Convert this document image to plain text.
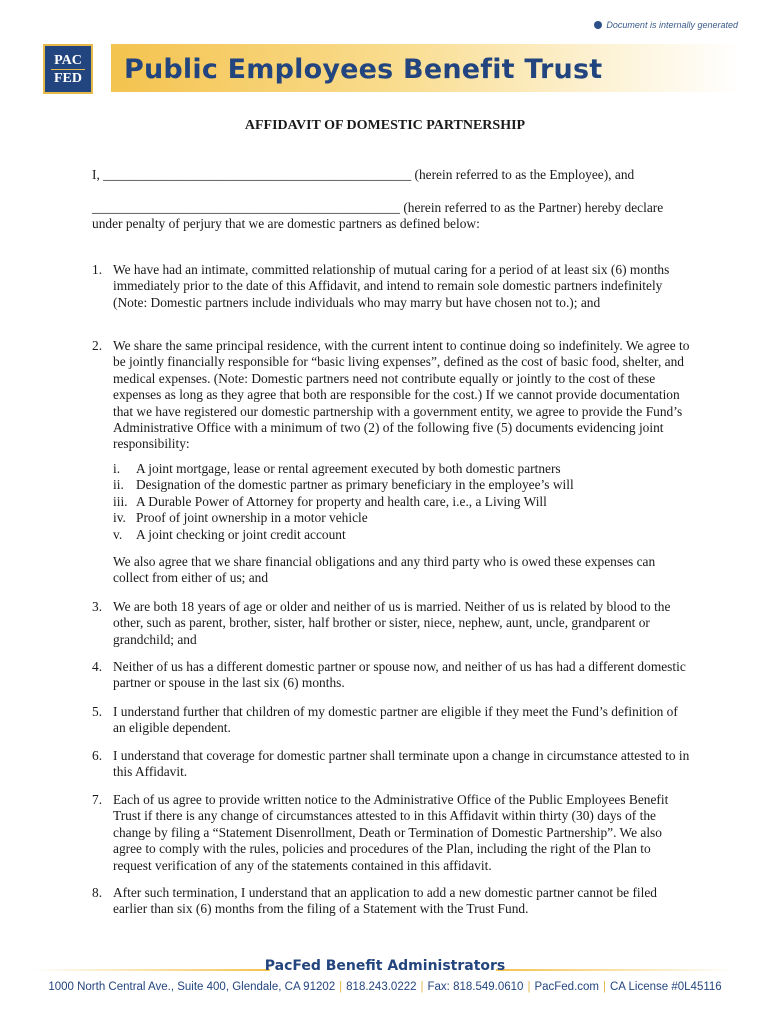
Document is internally generated
PAC
FED Public Employees Benefit Trust
AFFIDAVIT OF DOMESTIC PARTNERSHIP
I, ______________________________________________ (herein referred to as the Employee), and
______________________________________________ (herein referred to as the Partner) hereby declare under penalty of perjury that we are domestic partners as defined below:
1. We have had an intimate, committed relationship of mutual caring for a period of at least six (6) months immediately prior to the date of this Affidavit, and intend to remain sole domestic partners indefinitely (Note: Domestic partners include individuals who may marry but have chosen not to.); and
2. We share the same principal residence, with the current intent to continue doing so indefinitely. We agree to be jointly financially responsible for “basic living expenses”, defined as the cost of basic food, shelter, and medical expenses. (Note: Domestic partners need not contribute equally or jointly to the cost of these expenses as long as they agree that both are responsible for the cost.) If we cannot provide documentation that we have registered our domestic partnership with a government entity, we agree to provide the Fund’s Administrative Office with a minimum of two (2) of the following five (5) documents evidencing joint responsibility:
i.	A joint mortgage, lease or rental agreement executed by both domestic partners
ii. Designation of the domestic partner as primary beneficiary in the employee’s will
iii. A Durable Power of Attorney for property and health care, i.e., a Living Will
iv. Proof of joint ownership in a motor vehicle
v.	A joint checking or joint credit account
We also agree that we share financial obligations and any third party who is owed these expenses can collect from either of us; and
3. We are both 18 years of age or older and neither of us is married. Neither of us is related by blood to the other, such as parent, brother, sister, half brother or sister, niece, nephew, aunt, uncle, grandparent or grandchild; and
4. Neither of us has a different domestic partner or spouse now, and neither of us has had a different domestic partner or spouse in the last six (6) months.
5. I understand further that children of my domestic partner are eligible if they meet the Fund’s definition of an eligible dependent.
6. I understand that coverage for domestic partner shall terminate upon a change in circumstance attested to in this Affidavit.
7. Each of us agree to provide written notice to the Administrative Office of the Public Employees Benefit Trust if there is any change of circumstances attested to in this Affidavit within thirty (30) days of the change by filing a “Statement Disenrollment, Death or Termination of Domestic Partnership”. We also agree to comply with the rules, policies and procedures of the Plan, including the right of the Plan to request verification of any of the statements contained in this affidavit.
8. After such termination, I understand that an application to add a new domestic partner cannot be filed earlier than six (6) months from the filing of a Statement with the Trust Fund.
PacFed Benefit Administrators
1000 North Central Ave., Suite 400, Glendale, CA 91202 | 818.243.0222 | Fax: 818.549.0610 | PacFed.com | CA License #0L45116
